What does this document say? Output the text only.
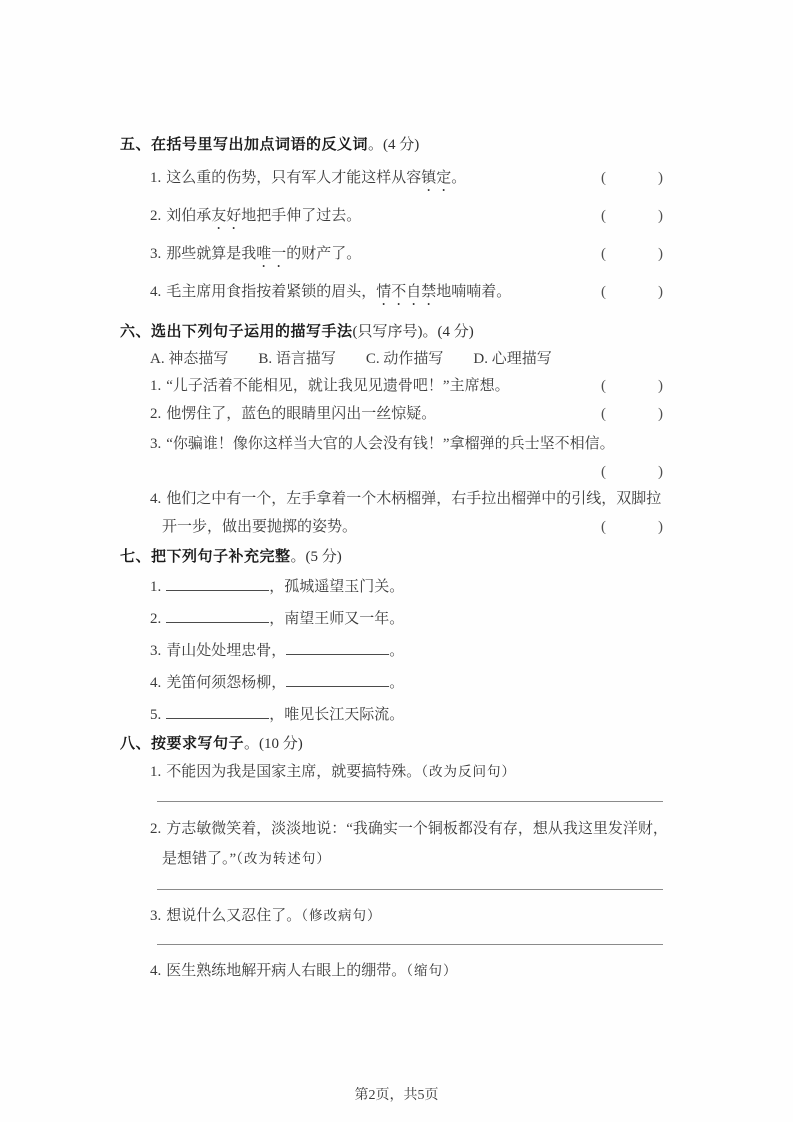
五、在括号里写出加点词语的反义词。(4 分)
1. 这么重的伤势，只有军人才能这样从容镇定。	(	)
2. 刘伯承友好地把手伸了过去。	(	)
3. 那些就算是我唯一的财产了。	(	)
4. 毛主席用食指按着紧锁的眉头，情不自禁地喃喃着。	(	)
六、选出下列句子运用的描写手法(只写序号)。(4 分)
A. 神态描写 B. 语言描写 C. 动作描写 D. 心理描写
1. “儿子活着不能相见，就让我见见遗骨吧！”主席想。	(	)
2. 他愣住了，蓝色的眼睛里闪出一丝惊疑。	(	)
3. “你骗谁！像你这样当大官的人会没有钱！”拿榴弹的兵士坚不相信。
(	)
4. 他们之中有一个，左手拿着一个木柄榴弹，右手拉出榴弹中的引线，双脚拉
开一步，做出要抛掷的姿势。	(	)
七、把下列句子补充完整。(5 分)
1.	，孤城遥望玉门关。
2.	，南望王师又一年。
3. 青山处处埋忠骨，	。
4. 羌笛何须怨杨柳，	。
5.	，唯见长江天际流。
八、按要求写句子。(10 分)
1. 不能因为我是国家主席，就要搞特殊。（改为反问句）
2. 方志敏微笑着，淡淡地说：“我确实一个铜板都没有存，想从我这里发洋财，
是想错了。”（改为转述句）
3. 想说什么又忍住了。（修改病句）
4. 医生熟练地解开病人右眼上的绷带。（缩句）
第2页，共5页
